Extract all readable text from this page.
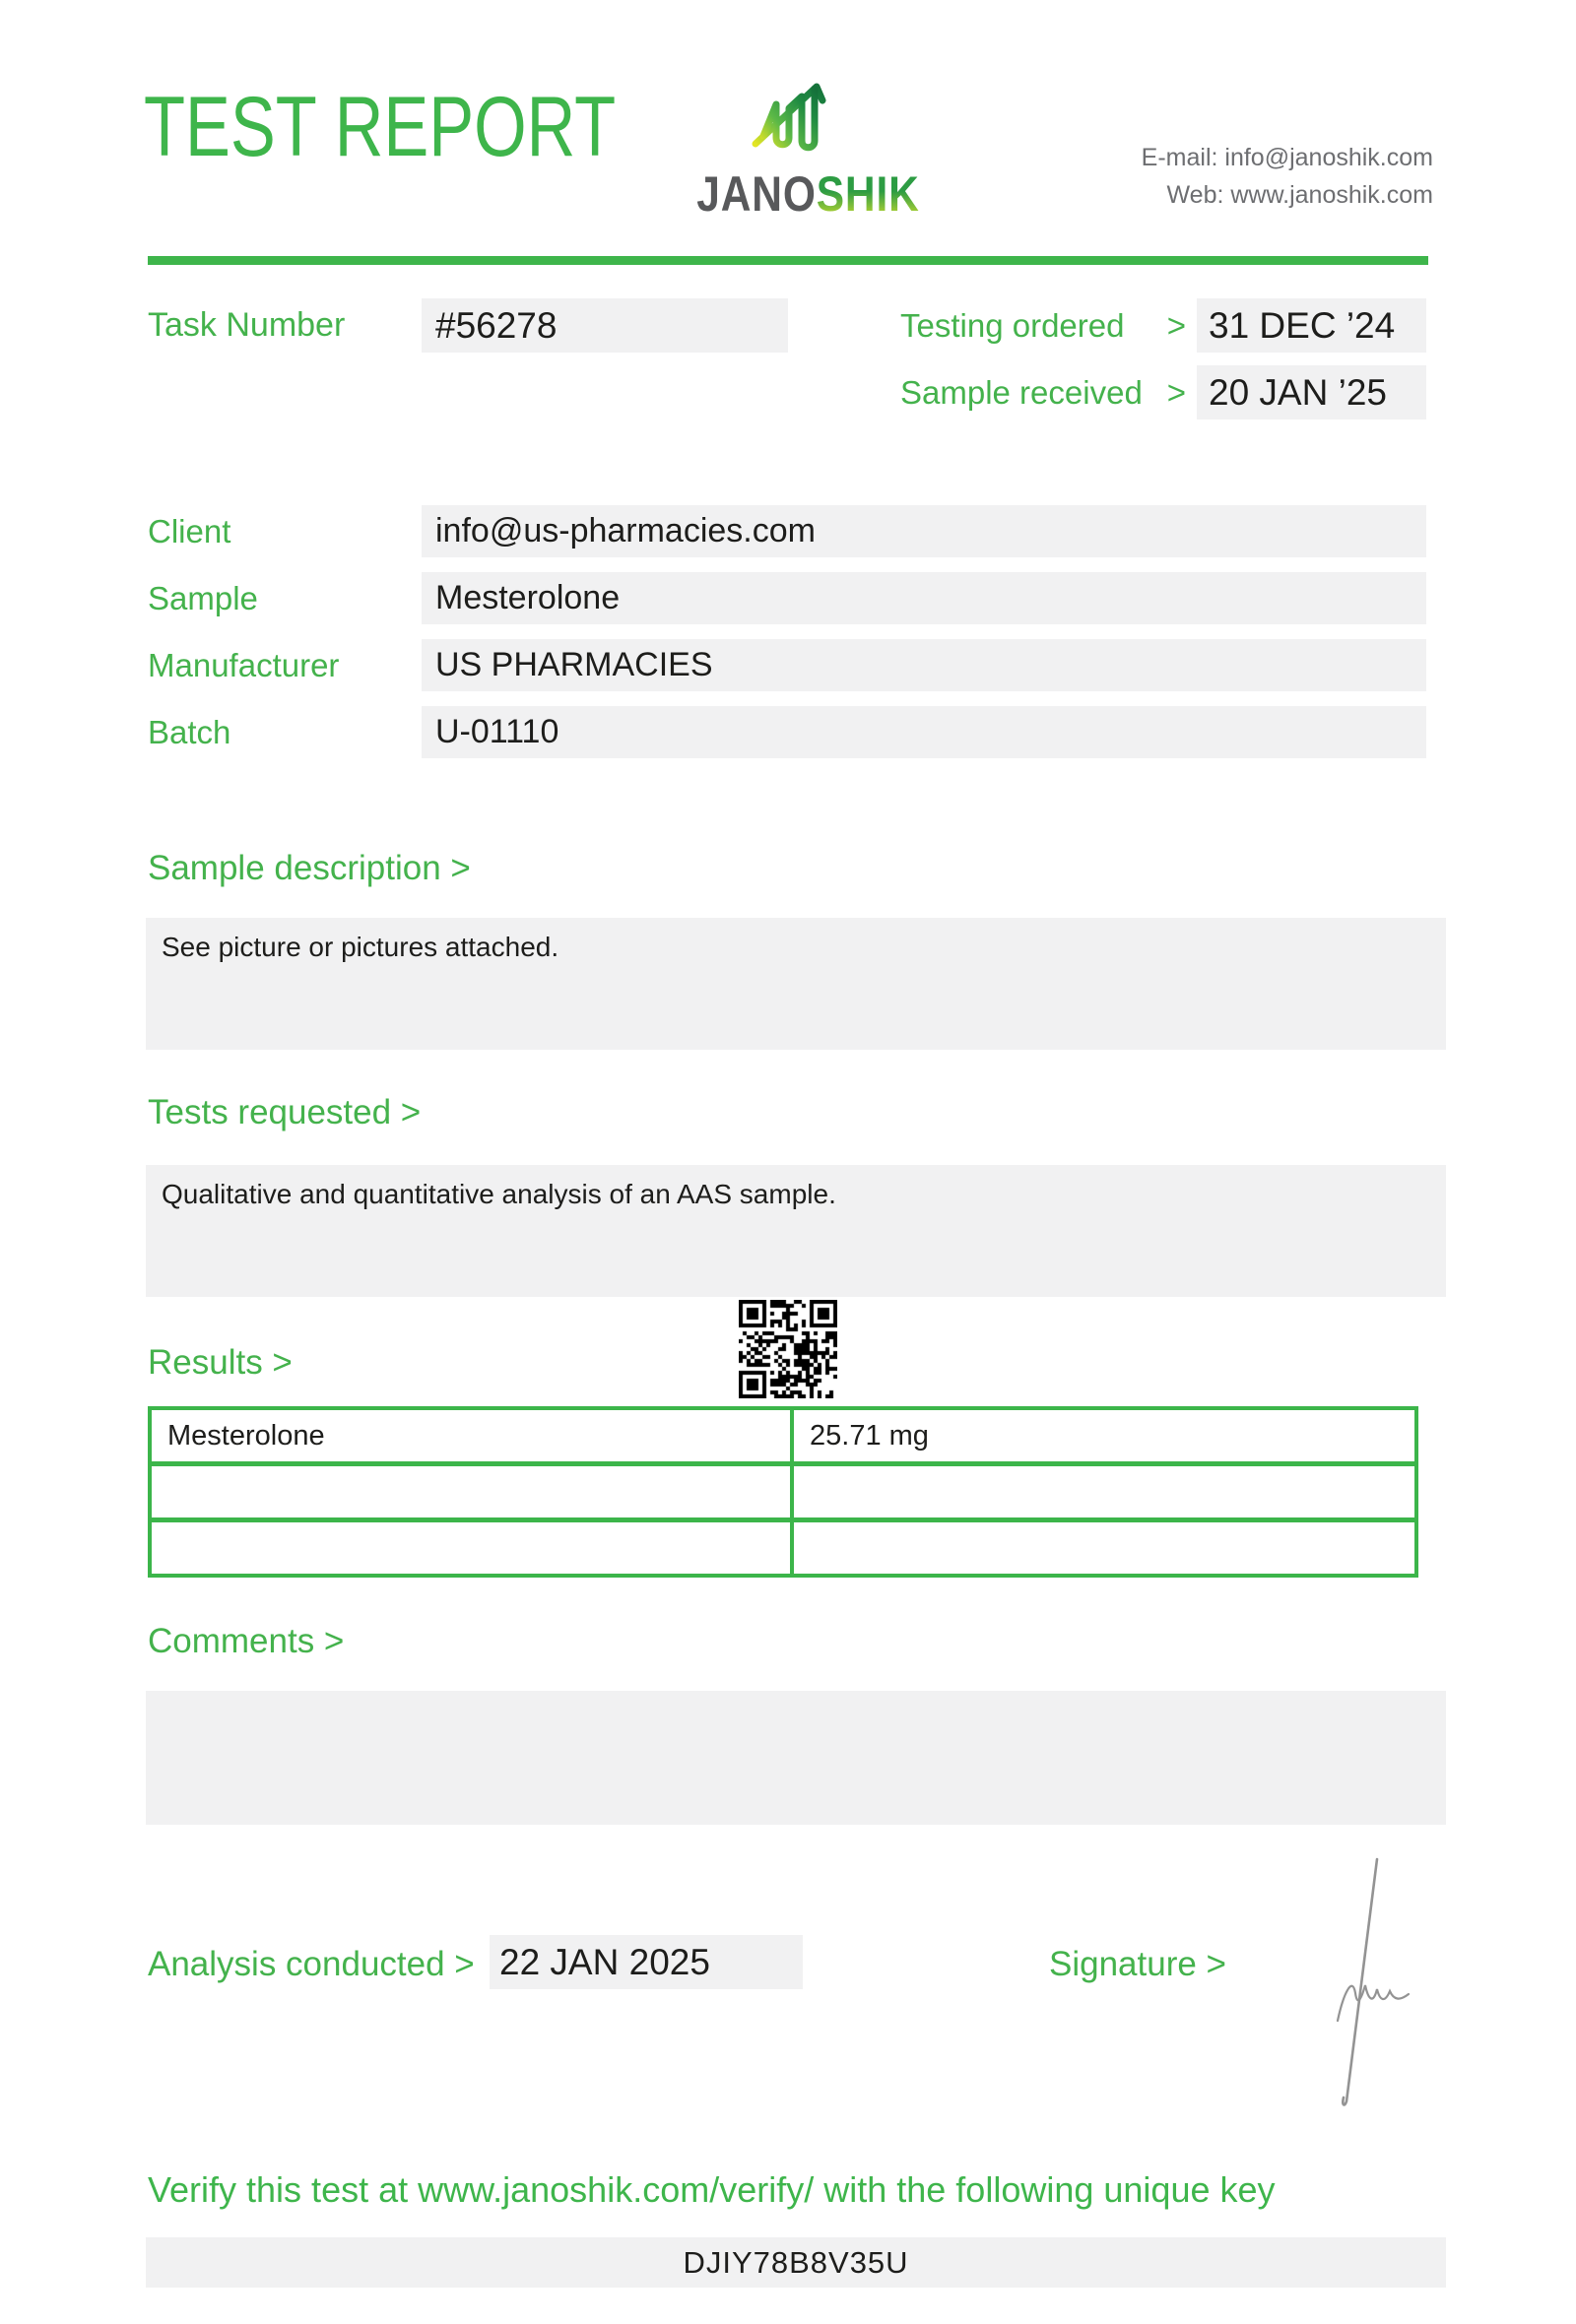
TEST REPORT
JANOSHIK
E-mail: info@janoshik.com
Web: www.janoshik.com
Task Number	#56278	Testing ordered > 31 DEC ’24
Sample received > 20 JAN ’25
Client	info@us-pharmacies.com
Sample	Mesterolone
Manufacturer	US PHARMACIES
Batch	U-01110
Sample description >
See picture or pictures attached.
Tests requested >
Qualitative and quantitative analysis of an AAS sample.
Results >
Mesterolone	25.71 mg
Comments >
Analysis conducted > 22 JAN 2025	Signature >
Verify this test at www.janoshik.com/verify/ with the following unique key
DJIY78B8V35U
